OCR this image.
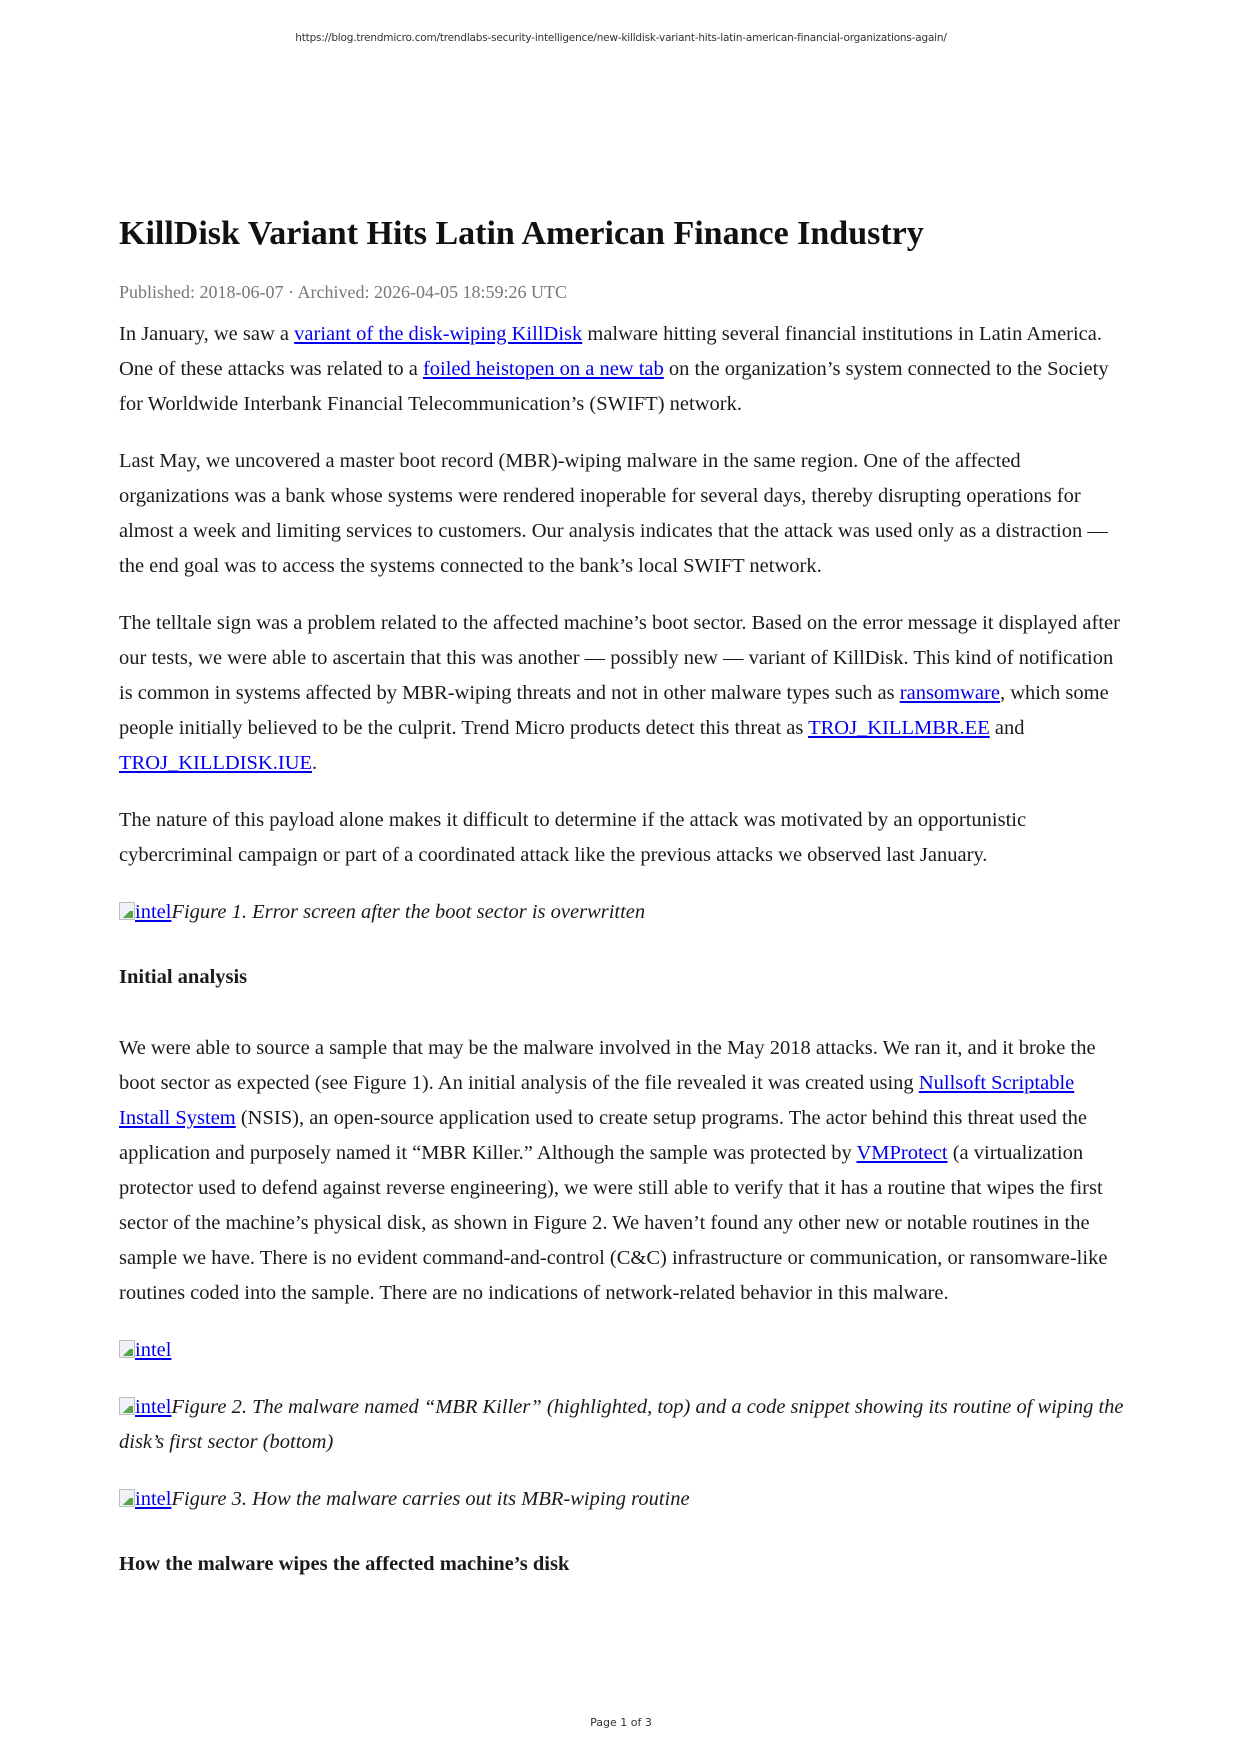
https://blog.trendmicro.com/trendlabs-security-intelligence/new-killdisk-variant-hits-latin-american-financial-organizations-again/
KillDisk Variant Hits Latin American Finance Industry
Published: 2018-06-07 · Archived: 2026-04-05 18:59:26 UTC

In January, we saw a variant of the disk-wiping KillDisk malware hitting several financial institutions in Latin America. One of these attacks was related to a foiled heistopen on a new tab on the organization’s system connected to the Society for Worldwide Interbank Financial Telecommunication’s (SWIFT) network.

Last May, we uncovered a master boot record (MBR)-wiping malware in the same region. One of the affected organizations was a bank whose systems were rendered inoperable for several days, thereby disrupting operations for almost a week and limiting services to customers. Our analysis indicates that the attack was used only as a distraction — the end goal was to access the systems connected to the bank’s local SWIFT network.

The telltale sign was a problem related to the affected machine’s boot sector. Based on the error message it displayed after our tests, we were able to ascertain that this was another — possibly new — variant of KillDisk. This kind of notification is common in systems affected by MBR-wiping threats and not in other malware types such as ransomware, which some people initially believed to be the culprit. Trend Micro products detect this threat as TROJ_KILLMBR.EE and TROJ_KILLDISK.IUE.

The nature of this payload alone makes it difficult to determine if the attack was motivated by an opportunistic cybercriminal campaign or part of a coordinated attack like the previous attacks we observed last January.

intelFigure 1. Error screen after the boot sector is overwritten

Initial analysis

We were able to source a sample that may be the malware involved in the May 2018 attacks. We ran it, and it broke the boot sector as expected (see Figure 1). An initial analysis of the file revealed it was created using Nullsoft Scriptable Install System (NSIS), an open-source application used to create setup programs. The actor behind this threat used the application and purposely named it “MBR Killer.” Although the sample was protected by VMProtect (a virtualization protector used to defend against reverse engineering), we were still able to verify that it has a routine that wipes the first sector of the machine’s physical disk, as shown in Figure 2. We haven’t found any other new or notable routines in the sample we have. There is no evident command-and-control (C&C) infrastructure or communication, or ransomware-like routines coded into the sample. There are no indications of network-related behavior in this malware.

intel

intelFigure 2. The malware named “MBR Killer” (highlighted, top) and a code snippet showing its routine of wiping the disk’s first sector (bottom)

intelFigure 3. How the malware carries out its MBR-wiping routine

How the malware wipes the affected machine’s disk
Page 1 of 3
